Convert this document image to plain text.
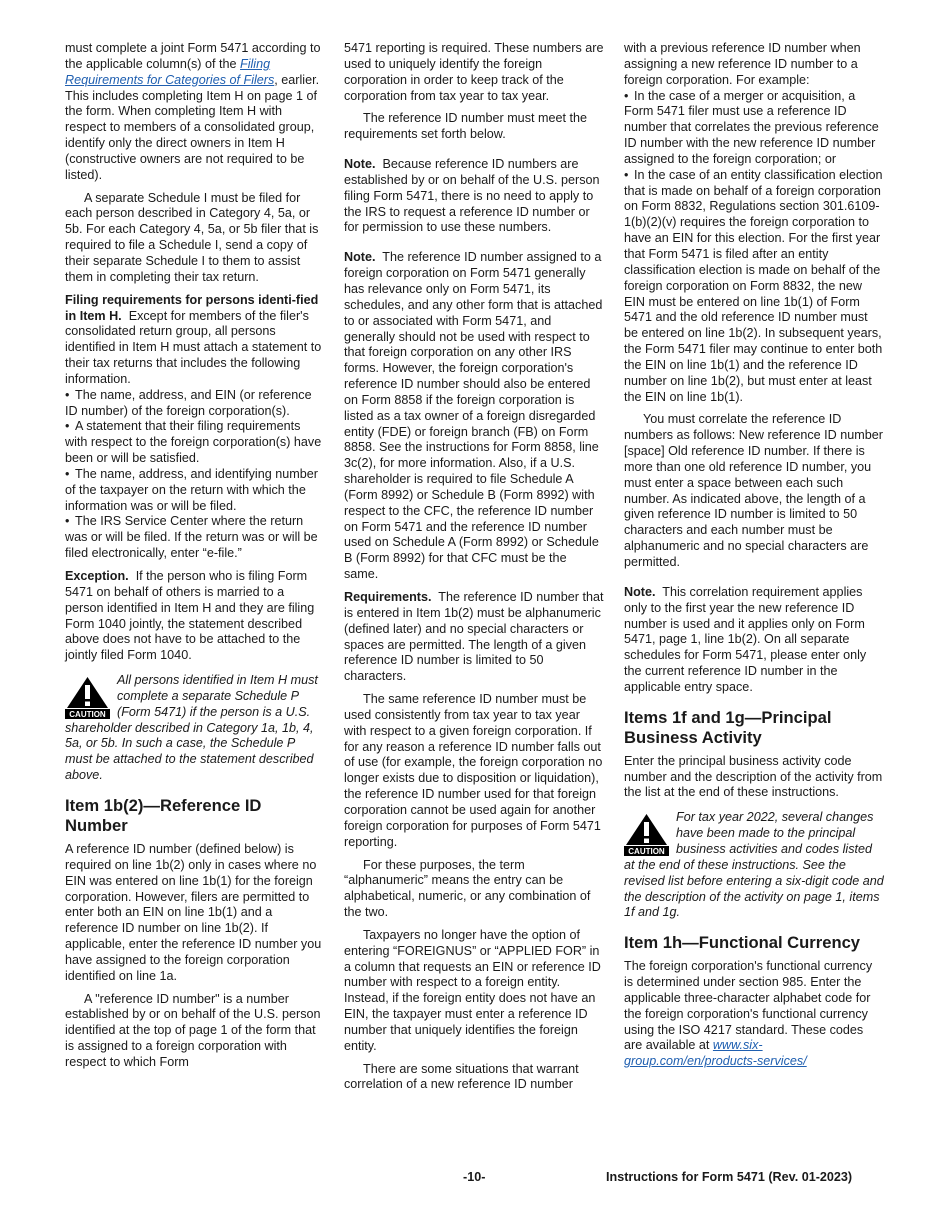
must complete a joint Form 5471 according to the applicable column(s) of the Filing Requirements for Categories of Filers, earlier. This includes completing Item H on page 1 of the form. When completing Item H with respect to members of a consolidated group, identify only the direct owners in Item H (constructive owners are not required to be listed).

A separate Schedule I must be filed for each person described in Category 4, 5a, or 5b. For each Category 4, 5a, or 5b filer that is required to file a Schedule I, send a copy of their separate Schedule I to them to assist them in completing their tax return.

Filing requirements for persons identi-fied in Item H. Except for members of the filer's consolidated return group, all persons identified in Item H must attach a statement to their tax returns that includes the following information.

• The name, address, and EIN (or reference ID number) of the foreign corporation(s).

• A statement that their filing requirements with respect to the foreign corporation(s) have been or will be satisfied.

• The name, address, and identifying number of the taxpayer on the return with which the information was or will be filed.

• The IRS Service Center where the return was or will be filed. If the return was or will be filed electronically, enter “e-file.”

Exception. If the person who is filing Form 5471 on behalf of others is married to a person identified in Item H and they are filing Form 1040 jointly, the statement described above does not have to be attached to the jointly filed Form 1040.

CAUTION
All persons identified in Item H must complete a separate Schedule P (Form 5471) if the person is a U.S. shareholder described in Category 1a, 1b, 4, 5a, or 5b. In such a case, the Schedule P must be attached to the statement described above.
Item 1b(2)—Reference ID Number

A reference ID number (defined below) is required on line 1b(2) only in cases where no EIN was entered on line 1b(1) for the foreign corporation. However, filers are permitted to enter both an EIN on line 1b(1) and a reference ID number on line 1b(2). If applicable, enter the reference ID number you have assigned to the foreign corporation identified on line 1a.

A "reference ID number" is a number established by or on behalf of the U.S. person identified at the top of page 1 of the form that is assigned to a foreign corporation with respect to which Form

5471 reporting is required. These numbers are used to uniquely identify the foreign corporation in order to keep track of the corporation from tax year to tax year.

The reference ID number must meet the requirements set forth below.

Note. Because reference ID numbers are established by or on behalf of the U.S. person filing Form 5471, there is no need to apply to the IRS to request a reference ID number or for permission to use these numbers.

Note. The reference ID number assigned to a foreign corporation on Form 5471 generally has relevance only on Form 5471, its schedules, and any other form that is attached to or associated with Form 5471, and generally should not be used with respect to that foreign corporation on any other IRS forms. However, the foreign corporation's reference ID number should also be entered on Form 8858 if the foreign corporation is listed as a tax owner of a foreign disregarded entity (FDE) or foreign branch (FB) on Form 8858. See the instructions for Form 8858, line 3c(2), for more information. Also, if a U.S. shareholder is required to file Schedule A (Form 8992) or Schedule B (Form 8992) with respect to the CFC, the reference ID number on Form 5471 and the reference ID number used on Schedule A (Form 8992) or Schedule B (Form 8992) for that CFC must be the same.

Requirements. The reference ID number that is entered in Item 1b(2) must be alphanumeric (defined later) and no special characters or spaces are permitted. The length of a given reference ID number is limited to 50 characters.

The same reference ID number must be used consistently from tax year to tax year with respect to a given foreign corporation. If for any reason a reference ID number falls out of use (for example, the foreign corporation no longer exists due to disposition or liquidation), the reference ID number used for that foreign corporation cannot be used again for another foreign corporation for purposes of Form 5471 reporting.

For these purposes, the term “alphanumeric” means the entry can be alphabetical, numeric, or any combination of the two.

Taxpayers no longer have the option of entering “FOREIGNUS” or “APPLIED FOR” in a column that requests an EIN or reference ID number with respect to a foreign entity. Instead, if the foreign entity does not have an EIN, the taxpayer must enter a reference ID number that uniquely identifies the foreign entity.

There are some situations that warrant correlation of a new reference ID number

with a previous reference ID number when assigning a new reference ID number to a foreign corporation. For example:

• In the case of a merger or acquisition, a Form 5471 filer must use a reference ID number that correlates the previous reference ID number with the new reference ID number assigned to the foreign corporation; or

• In the case of an entity classification election that is made on behalf of a foreign corporation on Form 8832, Regulations section 301.6109-1(b)(2)(v) requires the foreign corporation to have an EIN for this election. For the first year that Form 5471 is filed after an entity classification election is made on behalf of the foreign corporation on Form 8832, the new EIN must be entered on line 1b(1) of Form 5471 and the old reference ID number must be entered on line 1b(2). In subsequent years, the Form 5471 filer may continue to enter both the EIN on line 1b(1) and the reference ID number on line 1b(2), but must enter at least the EIN on line 1b(1).

You must correlate the reference ID numbers as follows: New reference ID number [space] Old reference ID number. If there is more than one old reference ID number, you must enter a space between each such number. As indicated above, the length of a given reference ID number is limited to 50 characters and each number must be alphanumeric and no special characters are permitted.

Note. This correlation requirement applies only to the first year the new reference ID number is used and it applies only on Form 5471, page 1, line 1b(2). On all separate schedules for Form 5471, please enter only the current reference ID number in the applicable entry space.

Items 1f and 1g—Principal Business Activity

Enter the principal business activity code number and the description of the activity from the list at the end of these instructions.

CAUTION
For tax year 2022, several changes have been made to the principal business activities and codes listed at the end of these instructions. See the revised list before entering a six-digit code and the description of the activity on page 1, items 1f and 1g.
Item 1h—Functional Currency

The foreign corporation's functional currency is determined under section 985. Enter the applicable three-character alphabet code for the foreign corporation's functional currency using the ISO 4217 standard. These codes are available at www.six-group.com/en/products-services/

-10-	Instructions for Form 5471 (Rev. 01-2023)
